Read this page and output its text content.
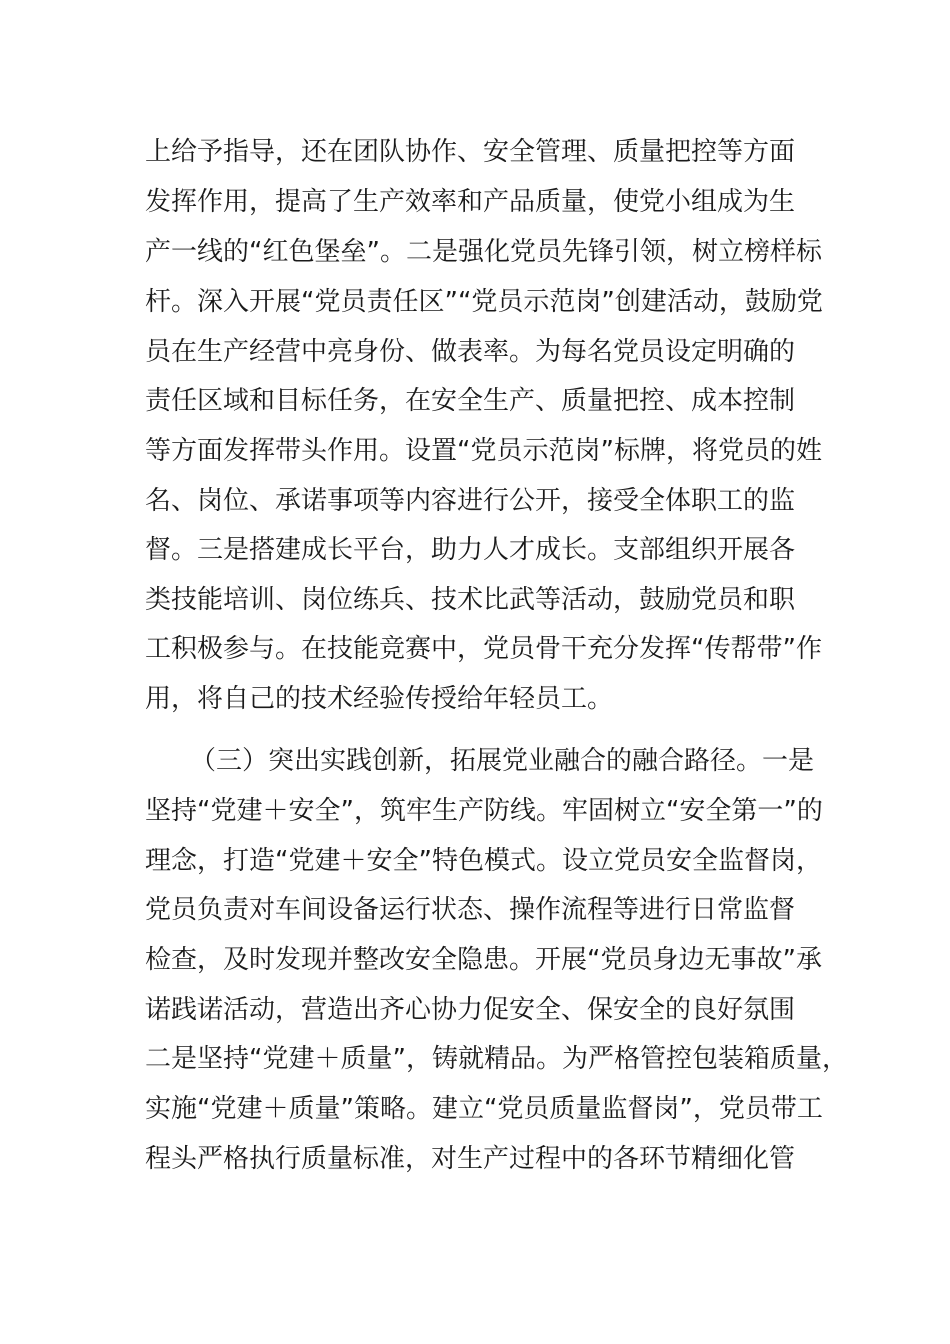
上给予指导，还在团队协作、安全管理、质量把控等方面

发挥作用，提高了生产效率和产品质量，使党小组成为生

产一线的“红色堡垒”。二是强化党员先锋引领，树立榜样标

杆。深入开展“党员责任区”“党员示范岗”创建活动，鼓励党

员在生产经营中亮身份、做表率。为每名党员设定明确的

责任区域和目标任务，在安全生产、质量把控、成本控制

等方面发挥带头作用。设置“党员示范岗”标牌，将党员的姓

名、岗位、承诺事项等内容进行公开，接受全体职工的监

督。三是搭建成长平台，助力人才成长。支部组织开展各

类技能培训、岗位练兵、技术比武等活动，鼓励党员和职

工积极参与。在技能竞赛中，党员骨干充分发挥“传帮带”作

用，将自己的技术经验传授给年轻员工。

（三）突出实践创新，拓展党业融合的融合路径。一是

坚持“党建＋安全”，筑牢生产防线。牢固树立“安全第一”的

理念，打造“党建＋安全”特色模式。设立党员安全监督岗，

党员负责对车间设备运行状态、操作流程等进行日常监督

检查，及时发现并整改安全隐患。开展“党员身边无事故”承

诺践诺活动，营造出齐心协力促安全、保安全的良好氛围

二是坚持“党建＋质量”，铸就精品。为严格管控包装箱质量，

实施“党建＋质量”策略。建立“党员质量监督岗”，党员带工

程头严格执行质量标准，对生产过程中的各环节精细化管
